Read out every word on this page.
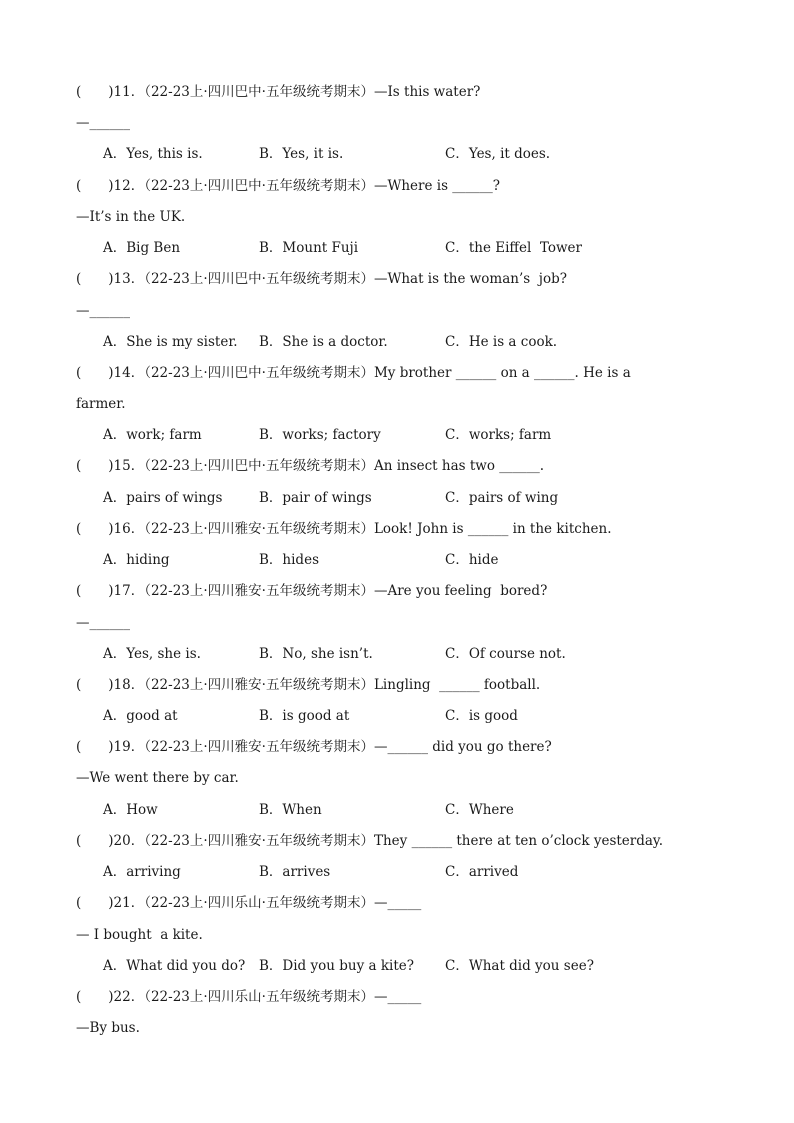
(　　)11．（22-23上·四川巴中·五年级统考期末）—Is this water?
—______
A．Yes, this is.	B．Yes, it is.	C．Yes, it does.
(　　)12．（22-23上·四川巴中·五年级统考期末）—Where is ______?
—It’s in the UK.
A．Big Ben	B．Mount Fuji	C．the Eiffel  Tower
(　　)13．（22-23上·四川巴中·五年级统考期末）—What is the woman’s  job?
—______
A．She is my sister. B．She is a doctor.	C．He is a cook.
(　　)14．（22-23上·四川巴中·五年级统考期末）My brother ______ on a ______. He is a
farmer.
A．work; farm	B．works; factory	C．works; farm
(　　)15．（22-23上·四川巴中·五年级统考期末）An insect has two ______.
A．pairs of wings	B．pair of wings	C．pairs of wing
(　　)16．（22-23上·四川雅安·五年级统考期末）Look! John is ______ in the kitchen.
A．hiding	B．hides	C．hide
(　　)17．（22-23上·四川雅安·五年级统考期末）—Are you feeling  bored?
—______
A．Yes, she is.	B．No, she isn’t.	C．Of course not.
(　　)18．（22-23上·四川雅安·五年级统考期末）Lingling  ______ football.
A．good at	B．is good at	C．is good
(　　)19．（22-23上·四川雅安·五年级统考期末）—______ did you go there?
—We went there by car.
A．How	B．When	C．Where
(　　)20．（22-23上·四川雅安·五年级统考期末）They ______ there at ten o’clock yesterday.
A．arriving	B．arrives	C．arrived
(　　)21．（22-23上·四川乐山·五年级统考期末）—_____
— I bought  a kite.
A．What did you do? B．Did you buy a kite? C．What did you see?
(　　)22．（22-23上·四川乐山·五年级统考期末）—_____
—By bus.
